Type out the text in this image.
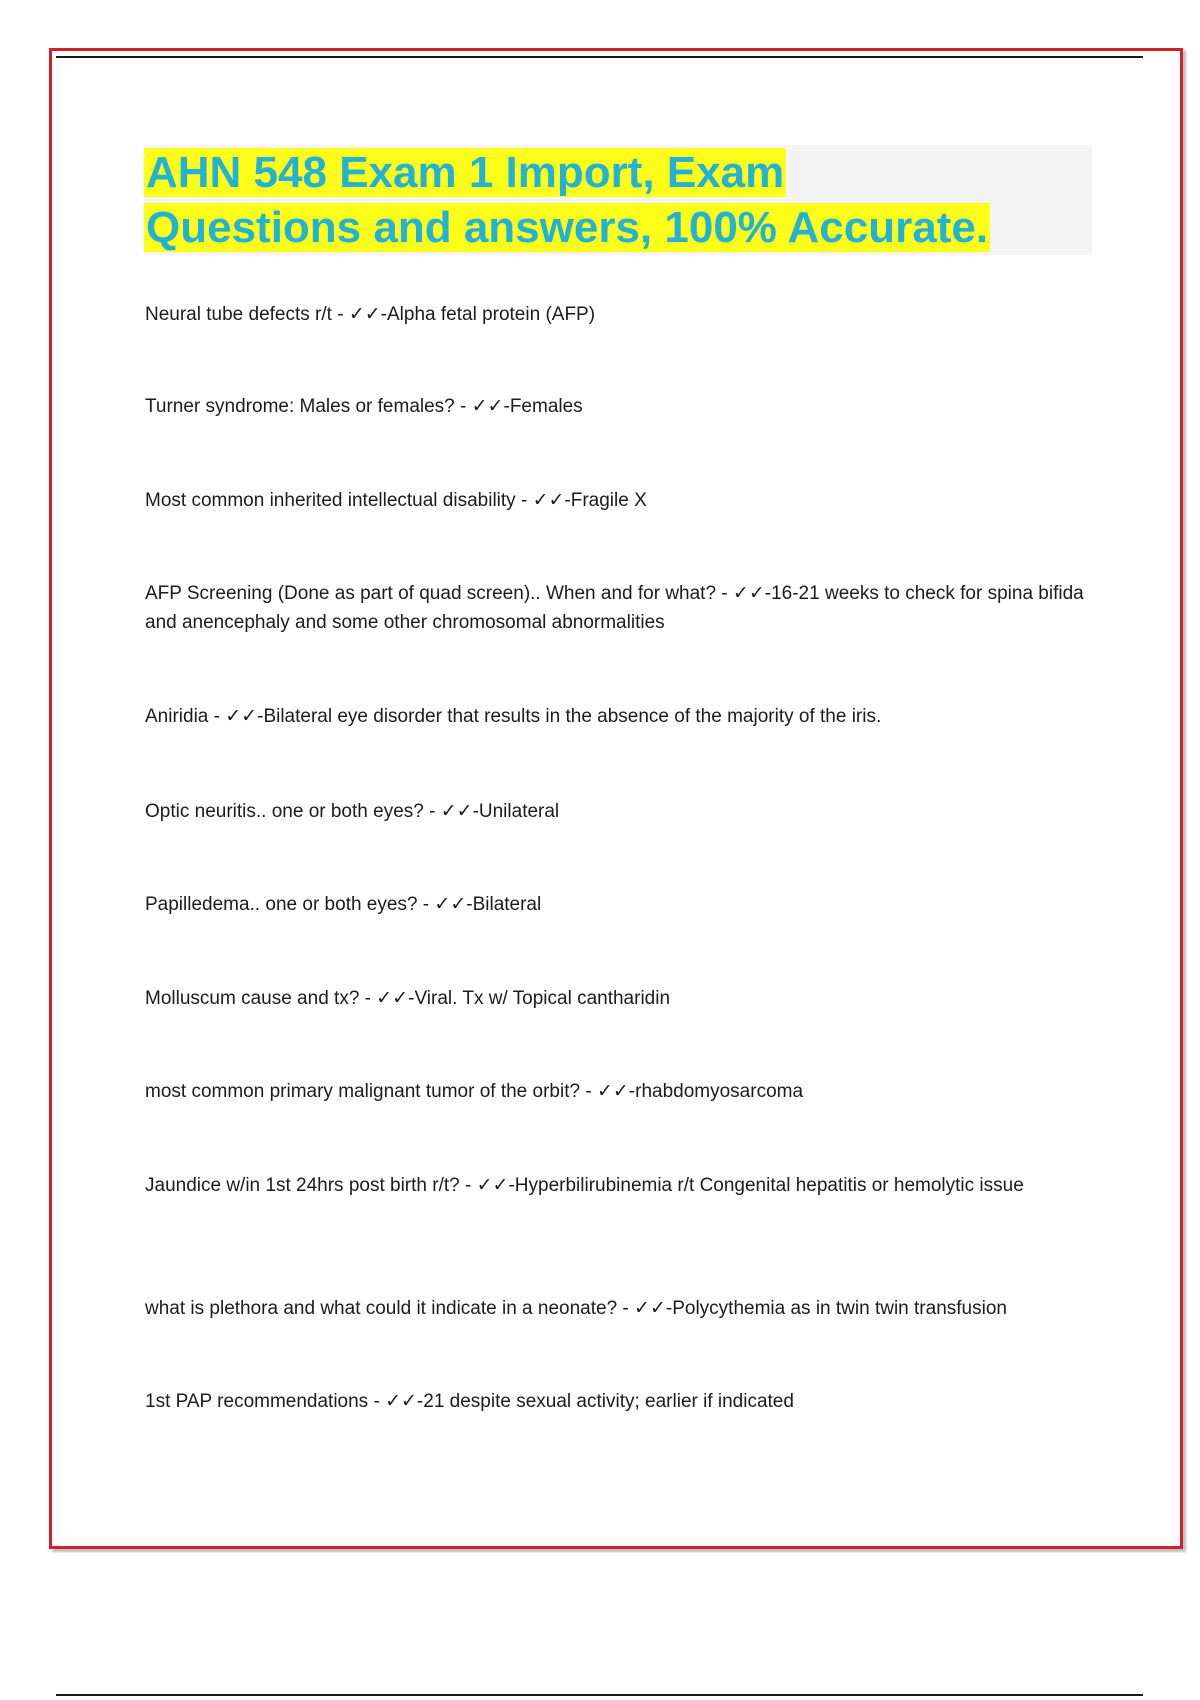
AHN 548 Exam 1 Import, Exam
Questions and answers, 100% Accurate.
Neural tube defects r/t - ✓✓-Alpha fetal protein (AFP)
Turner syndrome: Males or females? - ✓✓-Females
Most common inherited intellectual disability - ✓✓-Fragile X
AFP Screening (Done as part of quad screen).. When and for what? - ✓✓-16-21 weeks to check for spina bifida and anencephaly and some other chromosomal abnormalities
Aniridia - ✓✓-Bilateral eye disorder that results in the absence of the majority of the iris.
Optic neuritis.. one or both eyes? - ✓✓-Unilateral
Papilledema.. one or both eyes? - ✓✓-Bilateral
Molluscum cause and tx? - ✓✓-Viral. Tx w/ Topical cantharidin
most common primary malignant tumor of the orbit? - ✓✓-rhabdomyosarcoma
Jaundice w/in 1st 24hrs post birth r/t? - ✓✓-Hyperbilirubinemia r/t Congenital hepatitis or hemolytic issue
what is plethora and what could it indicate in a neonate? - ✓✓-Polycythemia as in twin twin transfusion
1st PAP recommendations - ✓✓-21 despite sexual activity; earlier if indicated
